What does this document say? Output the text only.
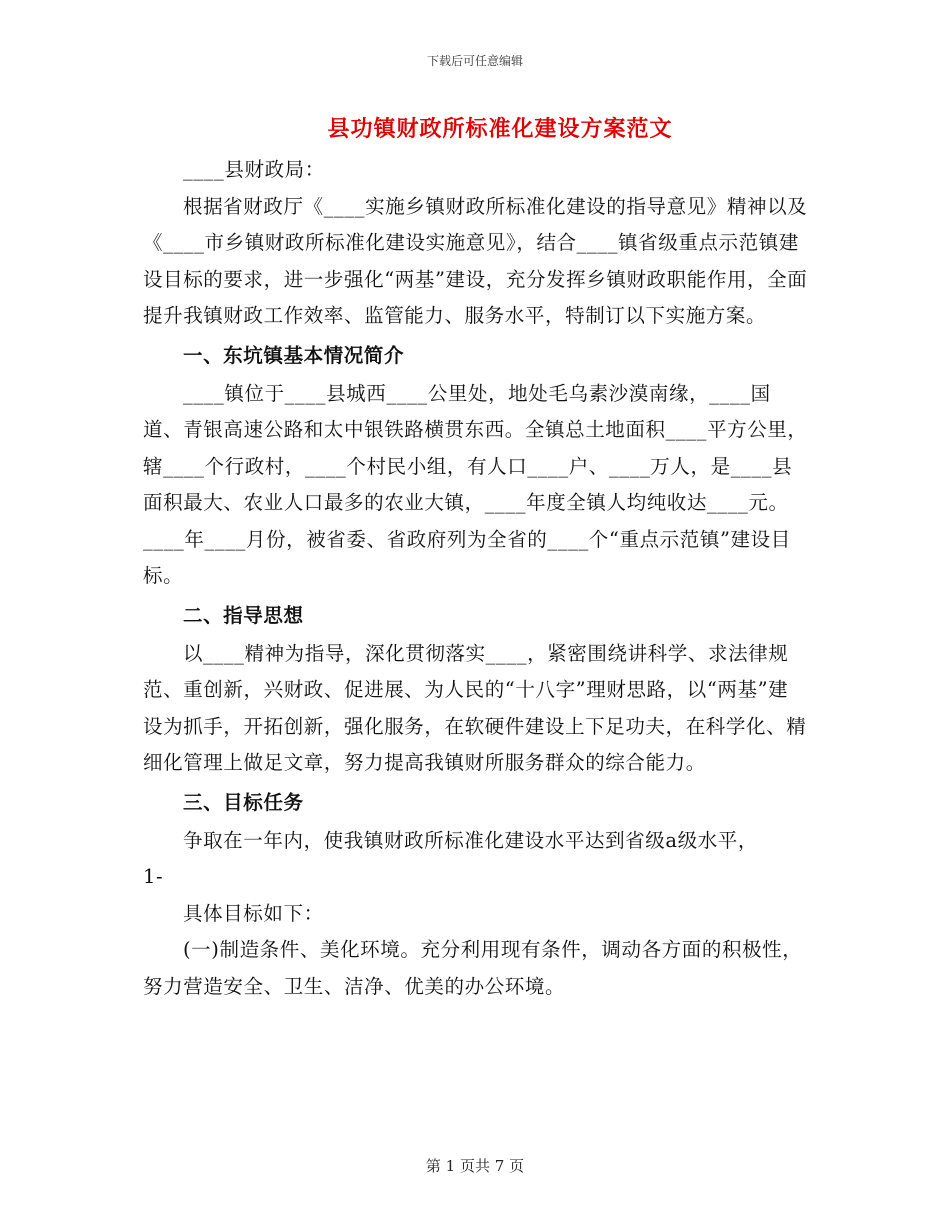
下载后可任意编辑
县功镇财政所标准化建设方案范文

____县财政局：

根据省财政厅《____实施乡镇财政所标准化建设的指导意见》精神以及《____市乡镇财政所标准化建设实施意见》，结合____镇省级重点示范镇建设目标的要求，进一步强化“两基”建设，充分发挥乡镇财政职能作用，全面提升我镇财政工作效率、监管能力、服务水平，特制订以下实施方案。

一、东坑镇基本情况简介

____镇位于____县城西____公里处，地处毛乌素沙漠南缘，____国道、青银高速公路和太中银铁路横贯东西。全镇总土地面积____平方公里，辖____个行政村，____个村民小组，有人口____户、____万人，是____县面积最大、农业人口最多的农业大镇，____年度全镇人均纯收达____元。____年____月份，被省委、省政府列为全省的____个“重点示范镇”建设目标。

二、指导思想

以____精神为指导，深化贯彻落实____，紧密围绕讲科学、求法律规范、重创新，兴财政、促进展、为人民的“十八字”理财思路，以“两基”建设为抓手，开拓创新，强化服务，在软硬件建设上下足功夫，在科学化、精细化管理上做足文章，努力提高我镇财所服务群众的综合能力。

三、目标任务

争取在一年内，使我镇财政所标准化建设水平达到省级a级水平，

1-

具体目标如下：

(一)制造条件、美化环境。充分利用现有条件，调动各方面的积极性，努力营造安全、卫生、洁净、优美的办公环境。

第 1 页共 7 页
